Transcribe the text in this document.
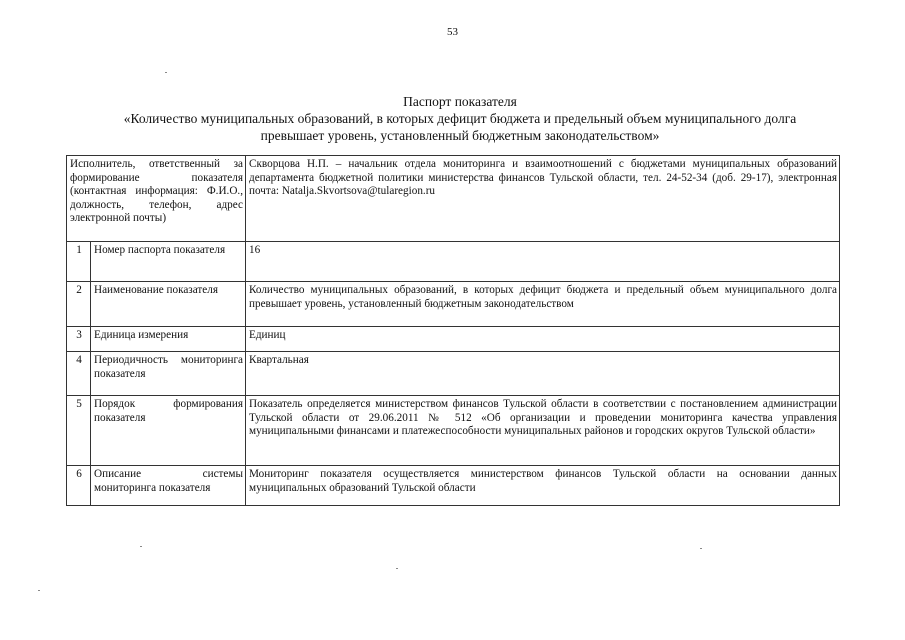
53
Паспорт показателя
«Количество муниципальных образований, в которых дефицит бюджета и предельный объем муниципального долга
превышает уровень, установленный бюджетным законодательством»
Исполнитель, ответственный за формирование показателя (контактная информация: Ф.И.О., должность, телефон, адрес электронной почты)		Скворцова Н.П. – начальник отдела мониторинга и взаимоотношений с бюджетами муниципальных образований департамента бюджетной политики министерства финансов Тульской области, тел. 24-52-34 (доб. 29-17), электронная почта: Natalja.Skvortsova@tularegion.ru
1	Номер паспорта показателя	16
2	Наименование показателя	Количество муниципальных образований, в которых дефицит бюджета и предельный объем муниципального долга превышает уровень, установленный бюджетным законодательством
3	Единица измерения	Единиц
4	Периодичность мониторинга показателя	Квартальная
5	Порядок формирования показателя	Показатель определяется министерством финансов Тульской области в соответствии с постановлением администрации Тульской области от 29.06.2011 № 512 «Об организации и проведении мониторинга качества управления муниципальными финансами и платежеспособности муниципальных районов и городских округов Тульской области»
6	Описание системы мониторинга показателя	Мониторинг показателя осуществляется министерством финансов Тульской области на основании данных муниципальных образований Тульской области
